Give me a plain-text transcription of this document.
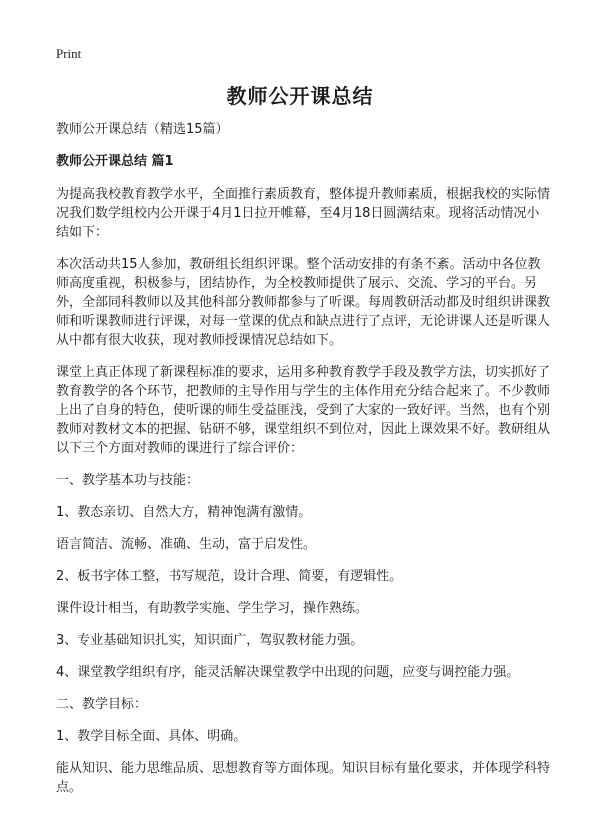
Print
教师公开课总结

教师公开课总结（精选15篇）

教师公开课总结 篇1

为提高我校教育教学水平，全面推行素质教育，整体提升教师素质，根据我校的实际情况我们数学组校内公开课于4月1日拉开帷幕，至4月18日圆满结束。现将活动情况小结如下：

本次活动共15人参加，教研组长组织评课。整个活动安排的有条不紊。活动中各位教师高度重视，积极参与，团结协作，为全校教师提供了展示、交流、学习的平台。另外，全部同科教师以及其他科部分教师都参与了听课。每周教研活动都及时组织讲课教师和听课教师进行评课，对每一堂课的优点和缺点进行了点评，无论讲课人还是听课人从中都有很大收获，现对教师授课情况总结如下。

课堂上真正体现了新课程标准的要求，运用多种教育教学手段及教学方法，切实抓好了教育教学的各个环节，把教师的主导作用与学生的主体作用充分结合起来了。不少教师上出了自身的特色，使听课的师生受益匪浅，受到了大家的一致好评。当然，也有个别教师对教材文本的把握、钻研不够，课堂组织不到位对，因此上课效果不好。教研组从以下三个方面对教师的课进行了综合评价：

一、教学基本功与技能：

1、教态亲切、自然大方，精神饱满有激情。

语言简洁、流畅、准确、生动，富于启发性。

2、板书字体工整，书写规范，设计合理、简要，有逻辑性。

课件设计相当，有助教学实施、学生学习，操作熟练。

3、专业基础知识扎实，知识面广，驾驭教材能力强。

4、课堂教学组织有序，能灵活解决课堂教学中出现的问题，应变与调控能力强。

二、教学目标：

1、教学目标全面、具体、明确。

能从知识、能力思维品质、思想教育等方面体现。知识目标有量化要求，并体现学科特点。
